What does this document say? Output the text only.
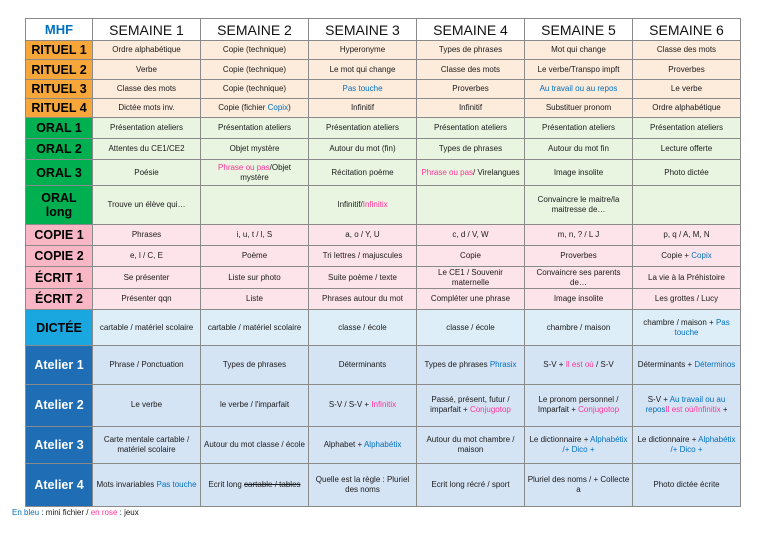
MHF	SEMAINE 1	SEMAINE 2	SEMAINE 3	SEMAINE 4	SEMAINE 5	SEMAINE 6
RITUEL 1	Ordre alphabétique	Copie (technique)	Hyperonyme	Types de phrases	Mot qui change	Classe des mots
RITUEL 2	Verbe	Copie (technique)	Le mot qui change	Classe des mots	Le verbe/Transpo impft	Proverbes
RITUEL 3	Classe des mots	Copie (technique)	Pas touche	Proverbes	Au travail ou au repos	Le verbe
RITUEL 4	Dictée mots inv.	Copie (fichier Copix)	Infinitif	Infinitif	Substituer pronom	Ordre alphabétique
ORAL 1	Présentation ateliers	Présentation ateliers	Présentation ateliers	Présentation ateliers	Présentation ateliers	Présentation ateliers
ORAL 2	Attentes du CE1/CE2	Objet mystère	Autour du mot (fin)	Types de phrases	Autour du mot fin	Lecture offerte
ORAL 3	Poésie	Phrase ou pas/Objet mystère	Récitation poème	Phrase ou pas/ Virelangues	Image insolite	Photo dictée
ORAL long	Trouve un élève qui…		Infinitif/Infinitix		Convaincre le maitre/la maitresse de…	
COPIE 1	Phrases	i, u, t / l, S	a, o / Y, U	c, d / V, W	m, n, ? / L J	p, q / A, M, N
COPIE 2	e, l / C, E	Poème	Tri lettres / majuscules	Copie	Proverbes	Copie + Copix
ÉCRIT 1	Se présenter	Liste sur photo	Suite poème / texte	Le CE1 / Souvenir maternelle	Convaincre ses parents de…	La vie à la Préhistoire
ÉCRIT 2	Présenter qqn	Liste	Phrases autour du mot	Compléter une phrase	Image insolite	Les grottes / Lucy
DICTÉE	cartable / matériel scolaire	cartable / matériel scolaire	classe / école	classe / école	chambre / maison	chambre / maison + Pas touche
Atelier 1	Phrase / Ponctuation	Types de phrases	Déterminants	Types de phrases Phrasix	S-V + Il est où / S-V	Déterminants + Déterminos
Atelier 2	Le verbe	le verbe / l'imparfait	S-V / S-V + Infinitix	Passé, présent, futur / imparfait + Conjugotop	Le pronom personnel / Imparfait + Conjugotop	S-V + Au travail ou au reposIl est où/Infinitix +
Atelier 3	Carte mentale cartable / matériel scolaire	Autour du mot classe / école	Alphabet + Alphabétix	Autour du mot chambre / maison	Le dictionnaire + Alphabétix /+ Dico +	Le dictionnaire + Alphabétix /+ Dico +
Atelier 4	Mots invariables Pas touche	Ecrit long cartable / tables	Quelle est la règle : Pluriel des noms	Ecrit long récré / sport	Pluriel des noms / + Collecte a	Photo dictée écrite
En bleu : mini fichier / en rose : jeux
